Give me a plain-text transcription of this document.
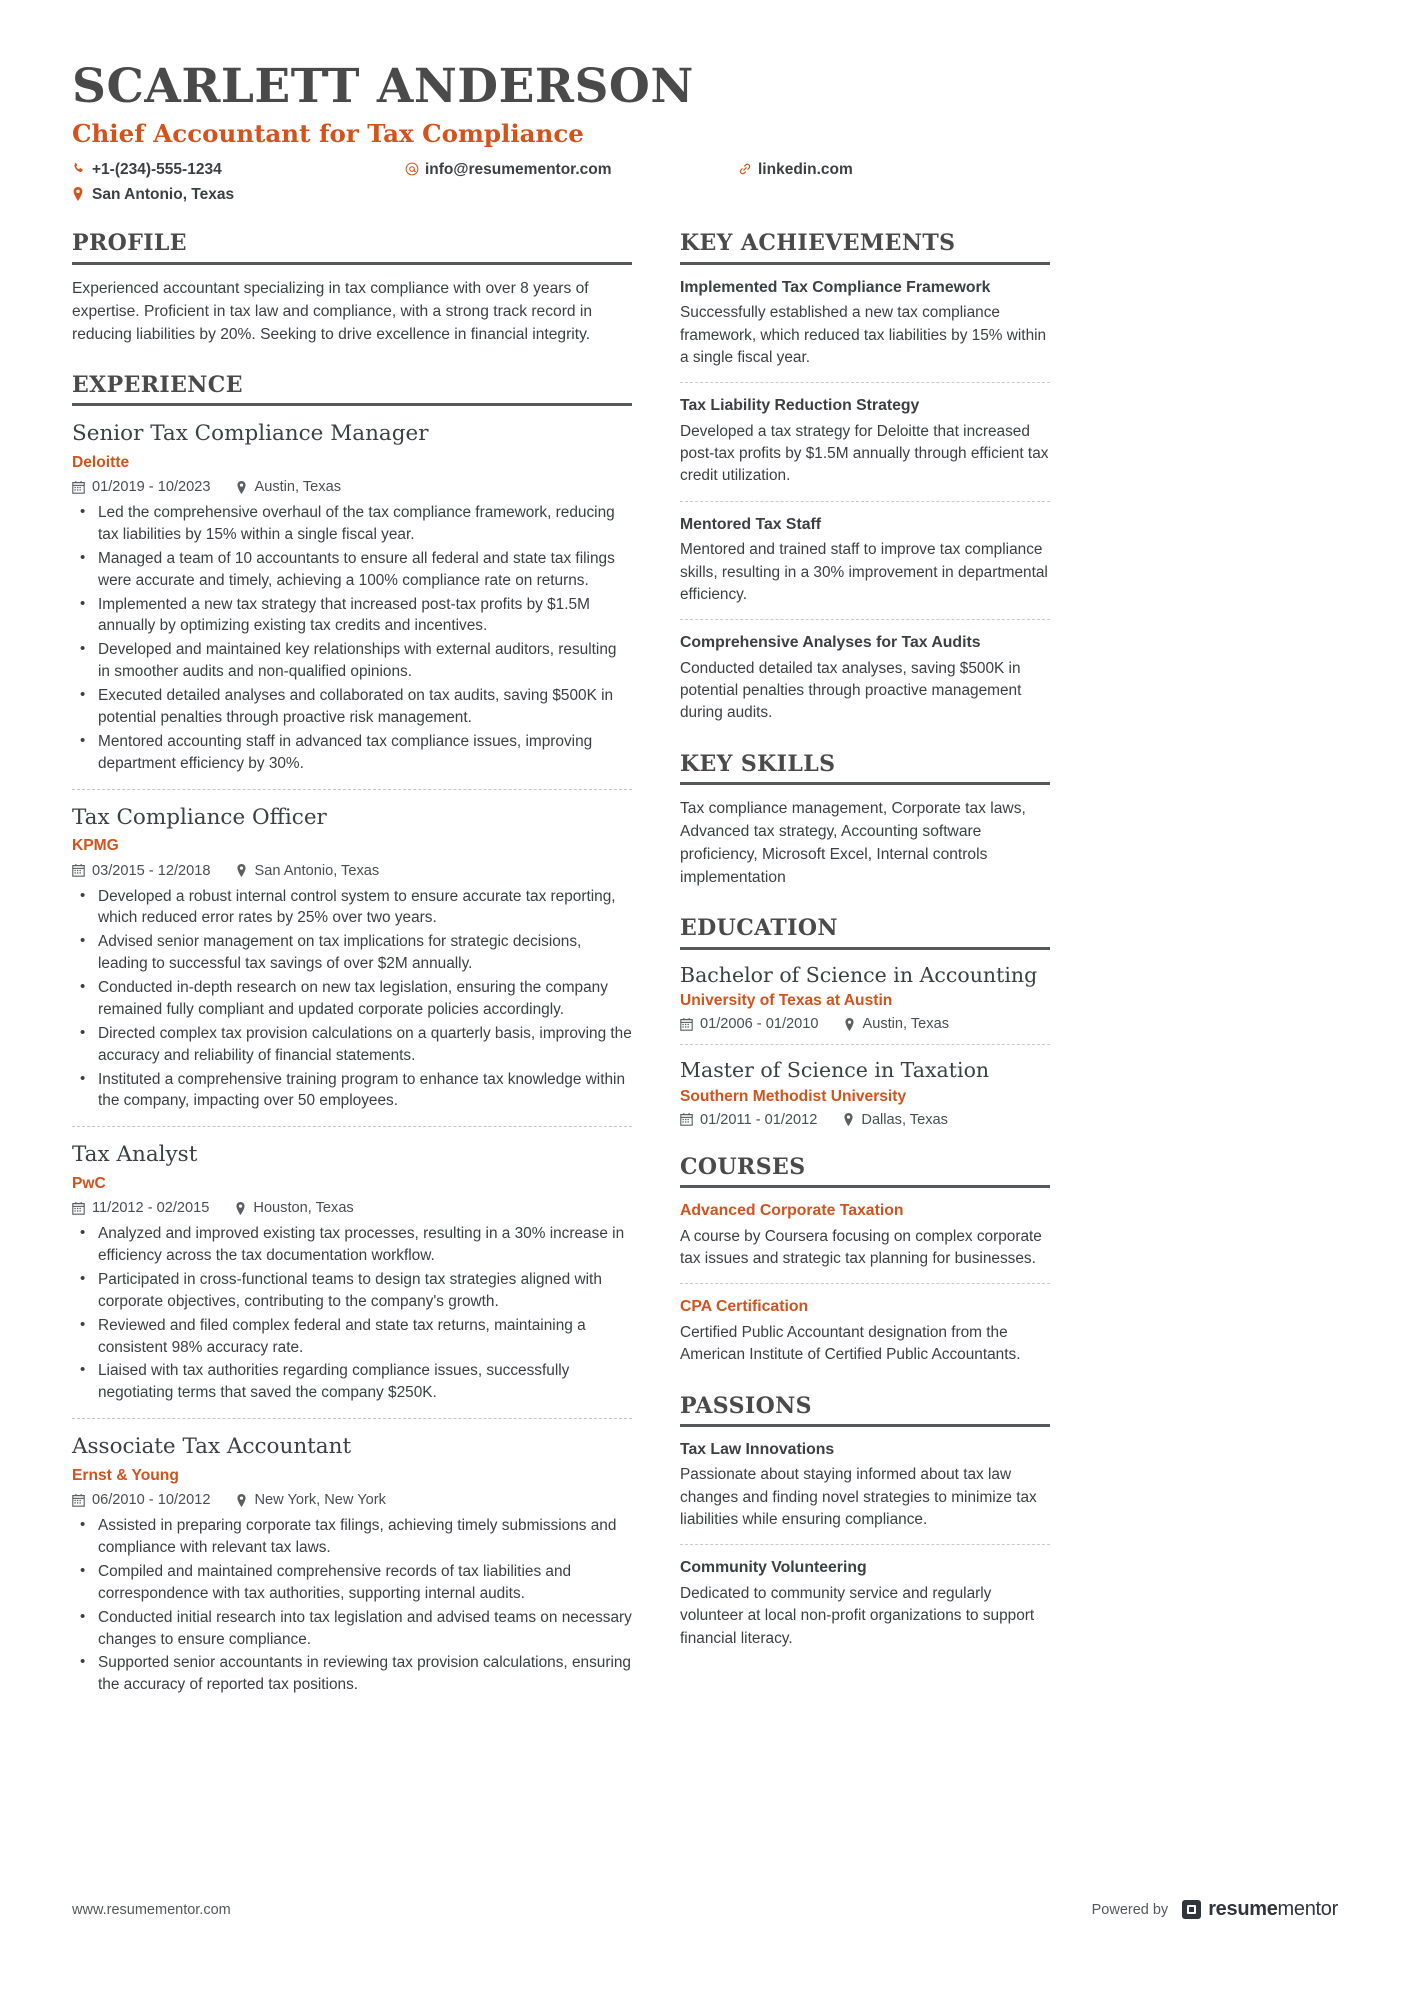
SCARLETT ANDERSON
Chief Accountant for Tax Compliance
+1-(234)-555-1234	info@resumementor.com	linkedin.com
San Antonio, Texas
PROFILE
Experienced accountant specializing in tax compliance with over 8 years of expertise. Proficient in tax law and compliance, with a strong track record in reducing liabilities by 20%. Seeking to drive excellence in financial integrity.
EXPERIENCE
Senior Tax Compliance Manager
Deloitte
01/2019 - 10/2023	Austin, Texas
• Led the comprehensive overhaul of the tax compliance framework, reducing tax liabilities by 15% within a single fiscal year.
• Managed a team of 10 accountants to ensure all federal and state tax filings were accurate and timely, achieving a 100% compliance rate on returns.
• Implemented a new tax strategy that increased post-tax profits by $1.5M annually by optimizing existing tax credits and incentives.
• Developed and maintained key relationships with external auditors, resulting in smoother audits and non-qualified opinions.
• Executed detailed analyses and collaborated on tax audits, saving $500K in potential penalties through proactive risk management.
• Mentored accounting staff in advanced tax compliance issues, improving department efficiency by 30%.
Tax Compliance Officer
KPMG
03/2015 - 12/2018	San Antonio, Texas
• Developed a robust internal control system to ensure accurate tax reporting, which reduced error rates by 25% over two years.
• Advised senior management on tax implications for strategic decisions, leading to successful tax savings of over $2M annually.
• Conducted in-depth research on new tax legislation, ensuring the company remained fully compliant and updated corporate policies accordingly.
• Directed complex tax provision calculations on a quarterly basis, improving the accuracy and reliability of financial statements.
• Instituted a comprehensive training program to enhance tax knowledge within the company, impacting over 50 employees.
Tax Analyst
PwC
11/2012 - 02/2015	Houston, Texas
• Analyzed and improved existing tax processes, resulting in a 30% increase in efficiency across the tax documentation workflow.
• Participated in cross-functional teams to design tax strategies aligned with corporate objectives, contributing to the company's growth.
• Reviewed and filed complex federal and state tax returns, maintaining a consistent 98% accuracy rate.
• Liaised with tax authorities regarding compliance issues, successfully negotiating terms that saved the company $250K.
Associate Tax Accountant
Ernst & Young
06/2010 - 10/2012	New York, New York
• Assisted in preparing corporate tax filings, achieving timely submissions and compliance with relevant tax laws.
• Compiled and maintained comprehensive records of tax liabilities and correspondence with tax authorities, supporting internal audits.
• Conducted initial research into tax legislation and advised teams on necessary changes to ensure compliance.
• Supported senior accountants in reviewing tax provision calculations, ensuring the accuracy of reported tax positions.
KEY ACHIEVEMENTS
Implemented Tax Compliance Framework
Successfully established a new tax compliance framework, which reduced tax liabilities by 15% within a single fiscal year.
Tax Liability Reduction Strategy
Developed a tax strategy for Deloitte that increased post-tax profits by $1.5M annually through efficient tax credit utilization.
Mentored Tax Staff
Mentored and trained staff to improve tax compliance skills, resulting in a 30% improvement in departmental efficiency.
Comprehensive Analyses for Tax Audits
Conducted detailed tax analyses, saving $500K in potential penalties through proactive management during audits.
KEY SKILLS
Tax compliance management, Corporate tax laws, Advanced tax strategy, Accounting software proficiency, Microsoft Excel, Internal controls implementation
EDUCATION
Bachelor of Science in Accounting
University of Texas at Austin
01/2006 - 01/2010	Austin, Texas
Master of Science in Taxation
Southern Methodist University
01/2011 - 01/2012	Dallas, Texas
COURSES
Advanced Corporate Taxation
A course by Coursera focusing on complex corporate tax issues and strategic tax planning for businesses.
CPA Certification
Certified Public Accountant designation from the American Institute of Certified Public Accountants.
PASSIONS
Tax Law Innovations
Passionate about staying informed about tax law changes and finding novel strategies to minimize tax liabilities while ensuring compliance.
Community Volunteering
Dedicated to community service and regularly volunteer at local non-profit organizations to support financial literacy.
www.resumementor.com	Powered by resume mentor
